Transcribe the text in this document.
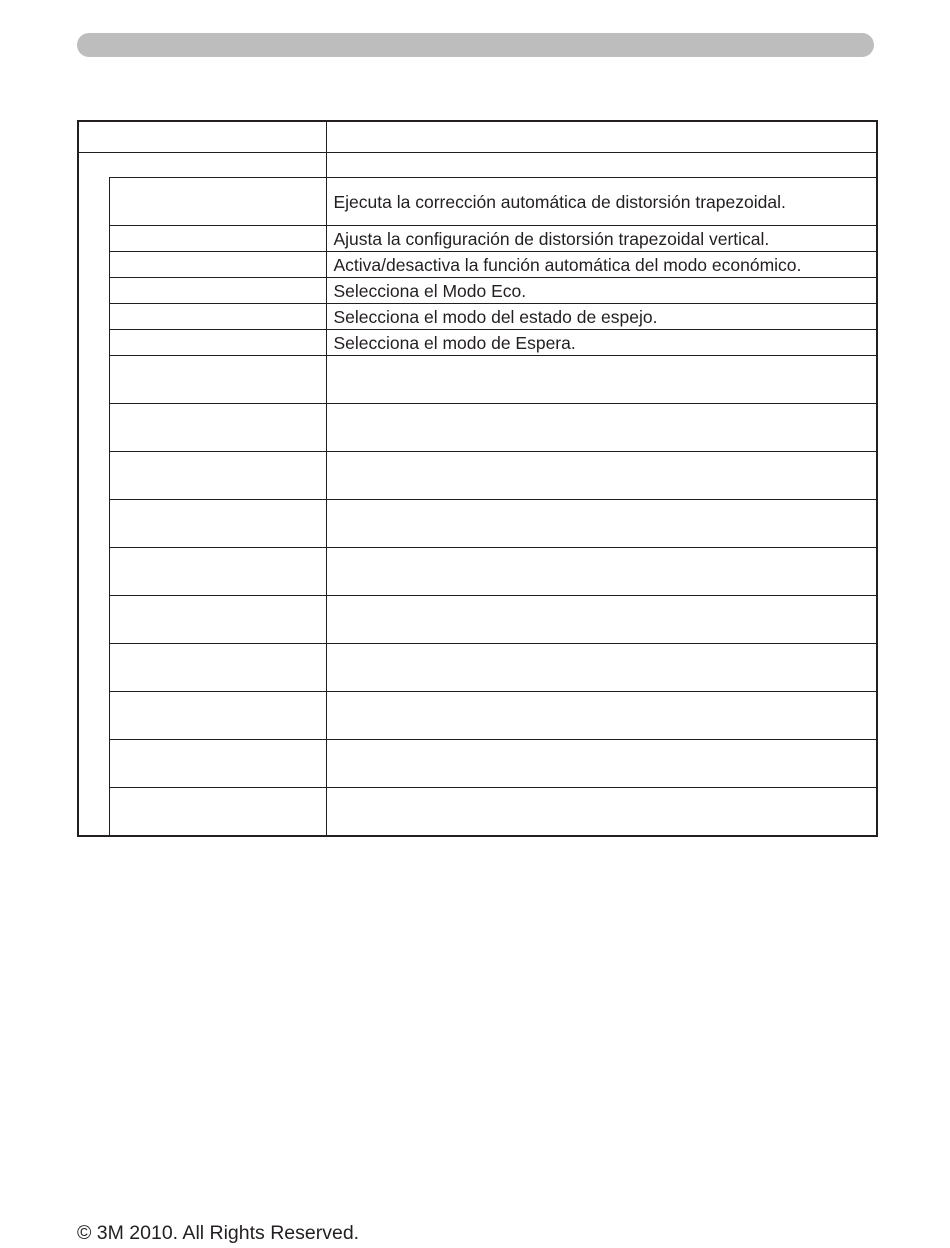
		Ejecuta la corrección automática de distorsión trapezoidal.
		Ajusta la configuración de distorsión trapezoidal vertical.
		Activa/desactiva la función automática del modo económico.
		Selecciona el Modo Eco.
		Selecciona el modo del estado de espejo.
		Selecciona el modo de Espera.

© 3M 2010. All Rights Reserved.
